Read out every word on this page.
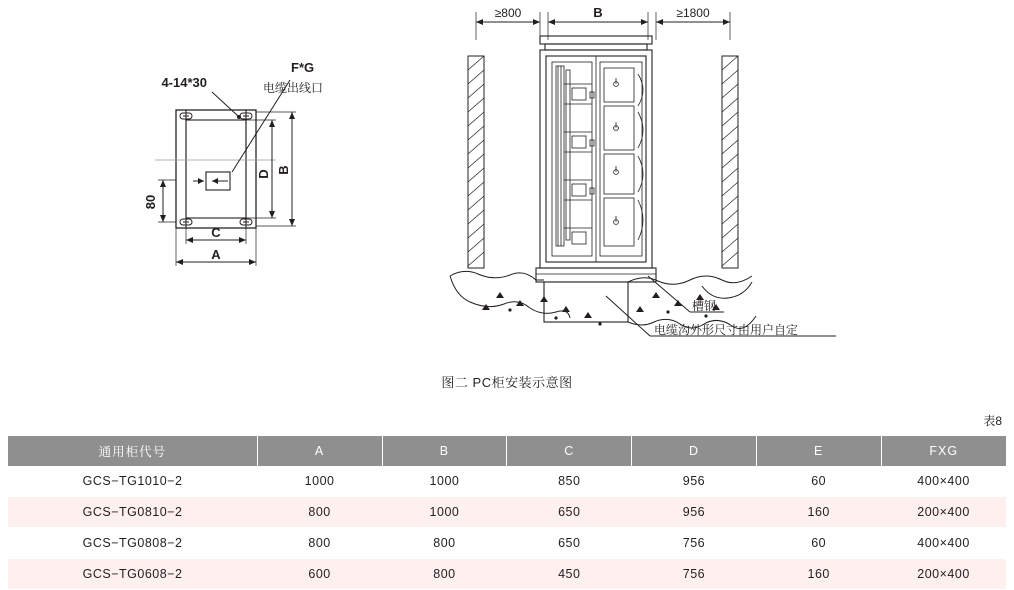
4-14*30
F*G
电缆出线口
D B
80
C
A
≥800	B	≥1800
槽钢
电缆沟外形尺寸由用户自定
图二 PC柜安装示意图
表8
通用柜代号	A	B	C	D	E	FXG
GCS−TG1010−2	1000	1000	850	956	60	400×400
GCS−TG0810−2	800	1000	650	956	160	200×400
GCS−TG0808−2	800	800	650	756	60	400×400
GCS−TG0608−2	600	800	450	756	160	200×400
